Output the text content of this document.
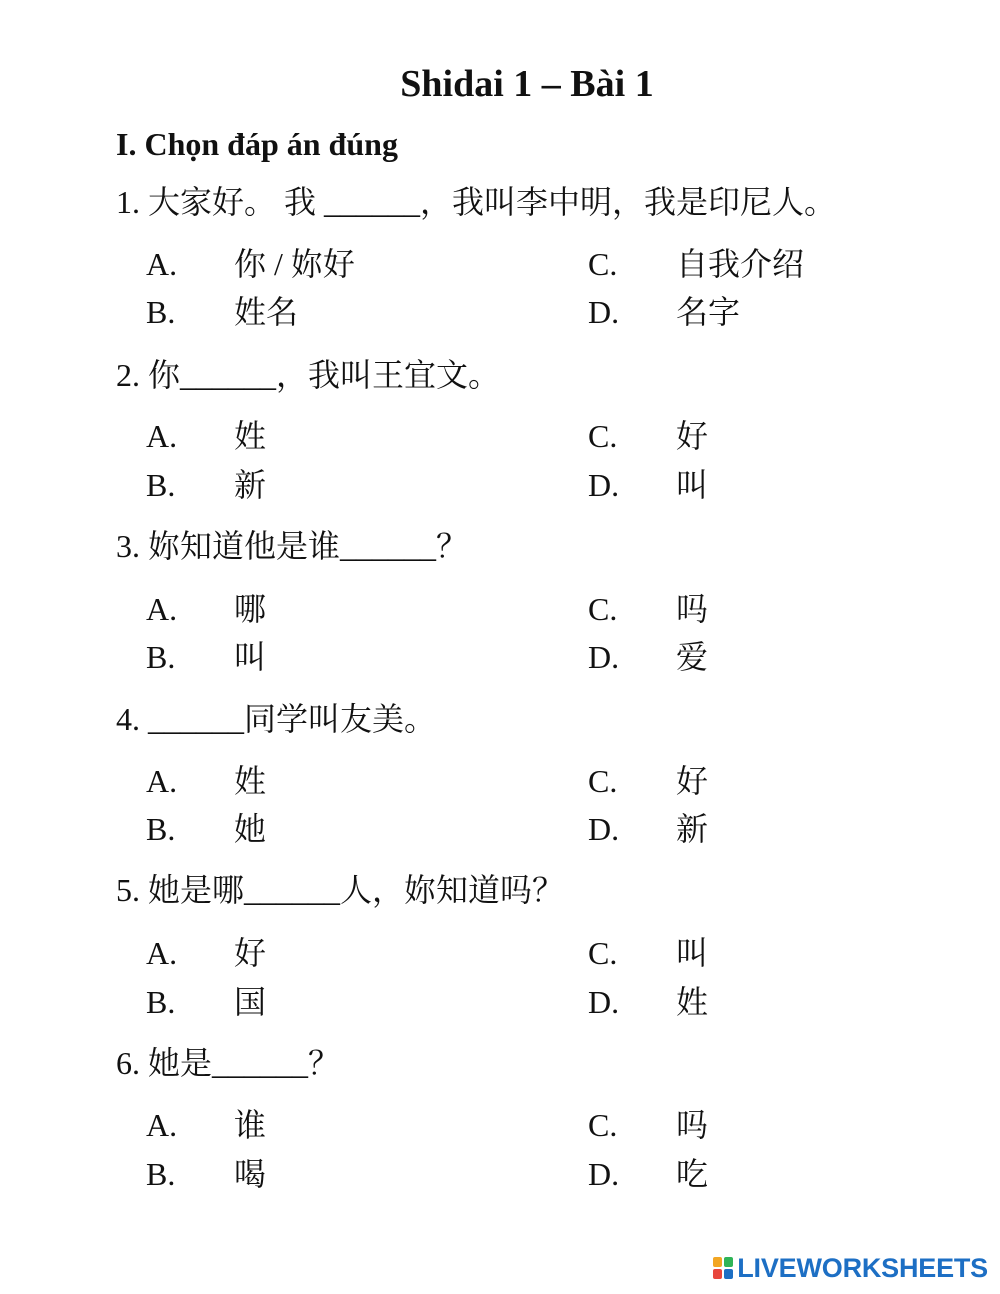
Shidai 1 – Bài 1
I. Chọn đáp án đúng
1. 大家好。 我 ______，我叫李中明，我是印尼人。
A. 你 / 妳好
B. 姓名
C. 自我介绍
D. 名字
2. 你______，我叫王宜文。
A. 姓
B. 新
C. 好
D. 叫
3. 妳知道他是谁______？
A. 哪
B. 叫
C. 吗
D. 爱
4. ______同学叫友美。
A. 姓
B. 她
C. 好
D. 新
5. 她是哪______人，妳知道吗？
A. 好
B. 国
C. 叫
D. 姓
6. 她是______？
A. 谁
B. 喝
C. 吗
D. 吃
LIVEWORKSHEETS
